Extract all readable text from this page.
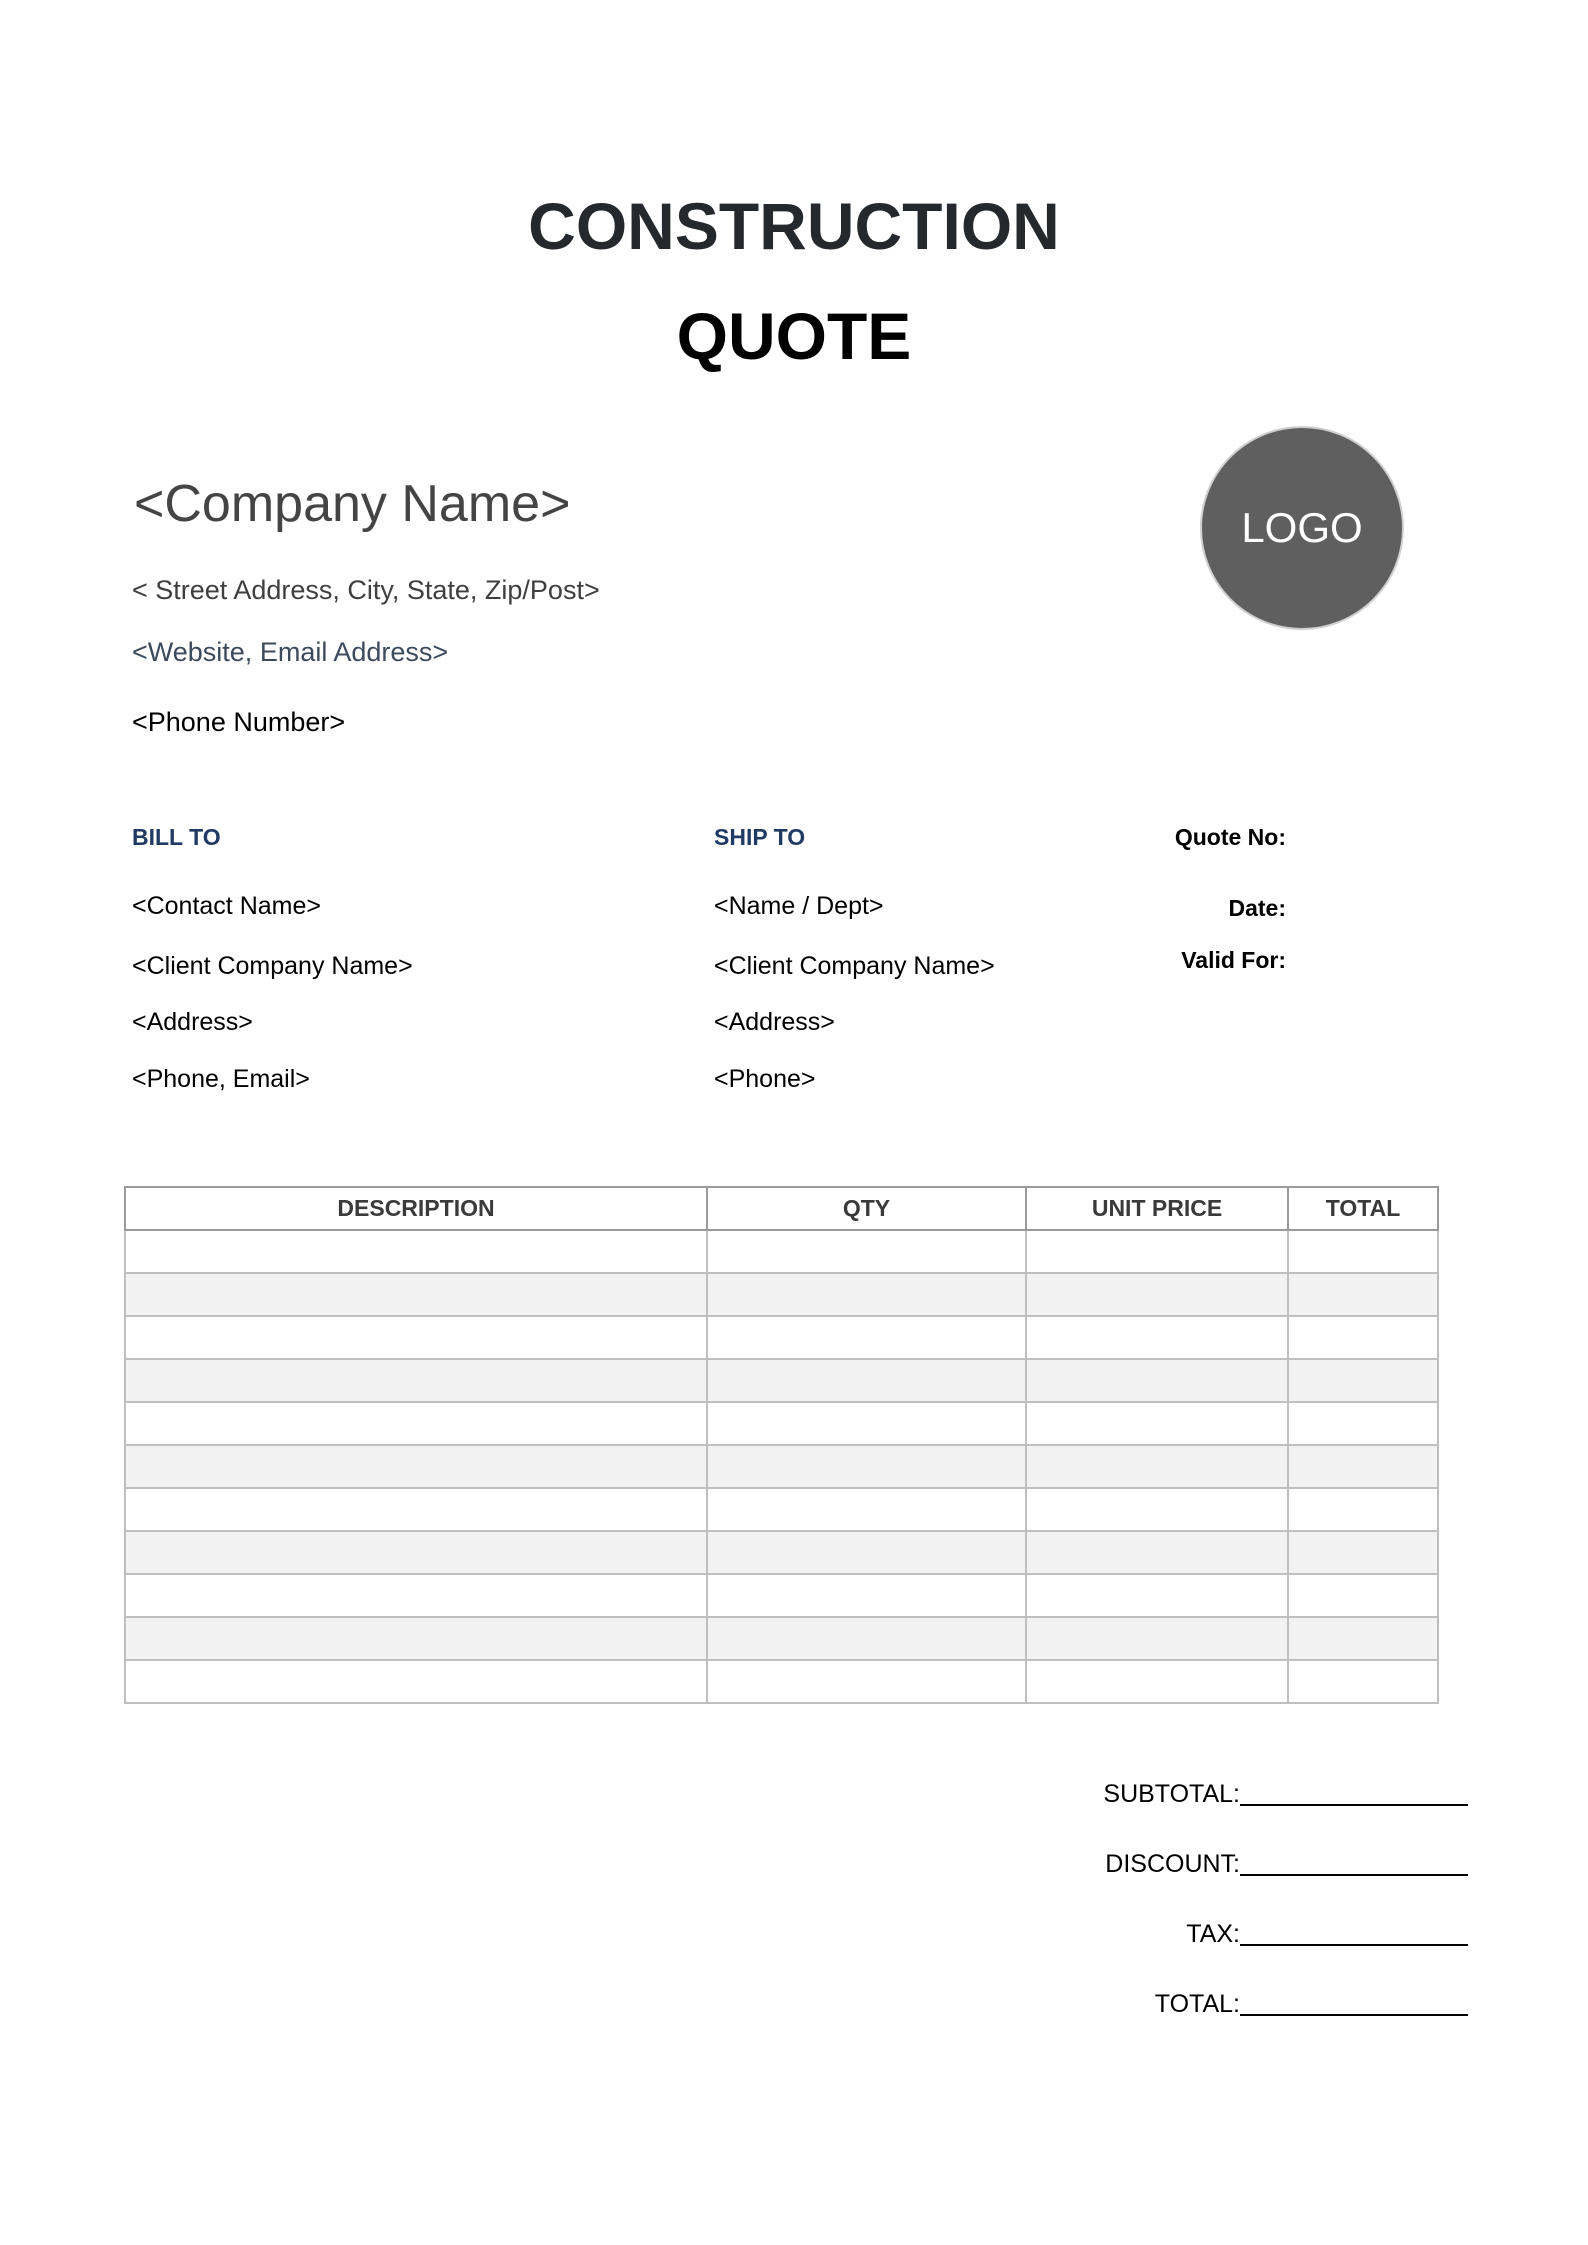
CONSTRUCTION
QUOTE
<Company Name>
< Street Address, City, State, Zip/Post>
<Website, Email Address>
<Phone Number>
LOGO
BILL TO
<Contact Name>
<Client Company Name>
<Address>
<Phone, Email>
SHIP TO
<Name / Dept>
<Client Company Name>
<Address>
<Phone>
Quote No:
Date:
Valid For:
DESCRIPTION	QTY	UNIT PRICE	TOTAL

SUBTOTAL:
DISCOUNT:
TAX:
TOTAL:
